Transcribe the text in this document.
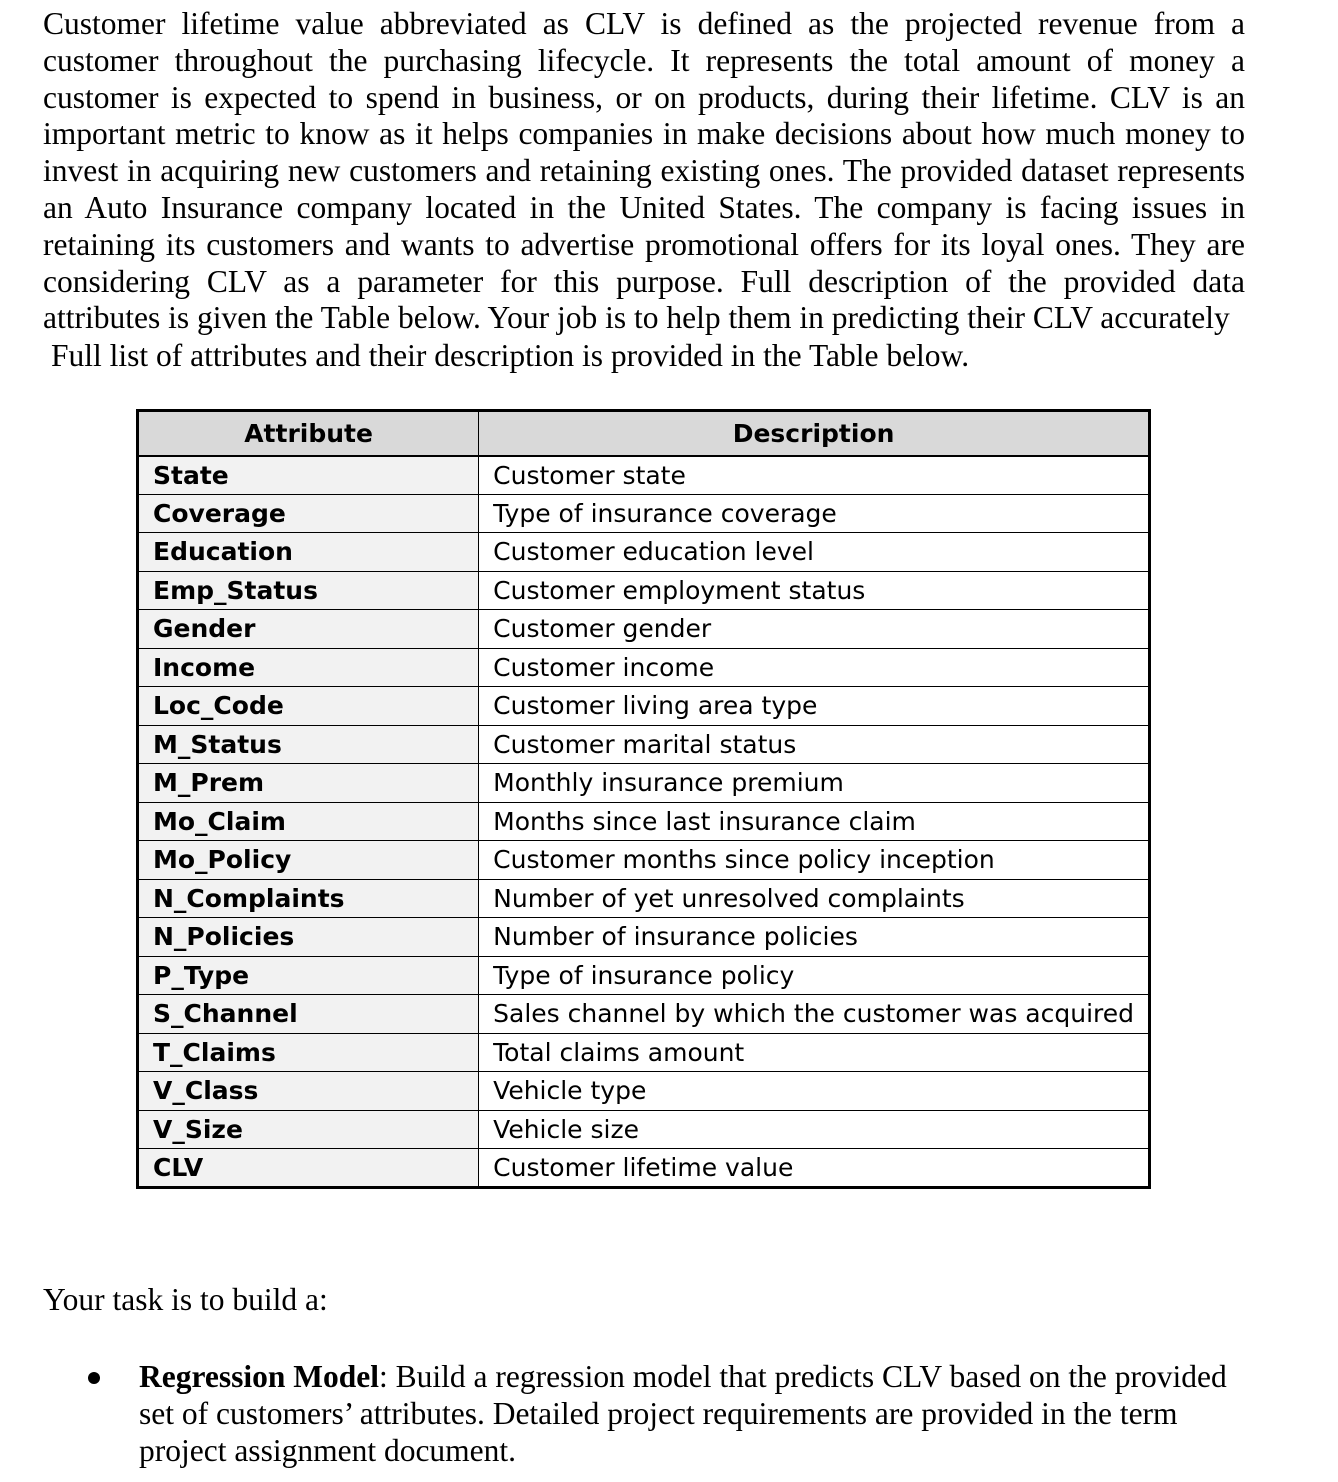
Customer lifetime value abbreviated as CLV is defined as the projected revenue from a customer throughout the purchasing lifecycle. It represents the total amount of money a customer is expected to spend in business, or on products, during their lifetime. CLV is an important metric to know as it helps companies in make decisions about how much money to invest in acquiring new customers and retaining existing ones. The provided dataset represents an Auto Insurance company located in the United States. The company is facing issues in retaining its customers and wants to advertise promotional offers for its loyal ones. They are considering CLV as a parameter for this purpose. Full description of the provided data attributes is given the Table below. Your job is to help them in predicting their CLV accurately

Full list of attributes and their description is provided in the Table below.

Attribute	Description
State	Customer state
Coverage	Type of insurance coverage
Education	Customer education level
Emp_Status	Customer employment status
Gender	Customer gender
Income	Customer income
Loc_Code	Customer living area type
M_Status	Customer marital status
M_Prem	Monthly insurance premium
Mo_Claim	Months since last insurance claim
Mo_Policy	Customer months since policy inception
N_Complaints	Number of yet unresolved complaints
N_Policies	Number of insurance policies
P_Type	Type of insurance policy
S_Channel	Sales channel by which the customer was acquired
T_Claims	Total claims amount
V_Class	Vehicle type
V_Size	Vehicle size
CLV	Customer lifetime value

Your task is to build a:

Regression Model: Build a regression model that predicts CLV based on the provided set of customers’ attributes. Detailed project requirements are provided in the term project assignment document.
